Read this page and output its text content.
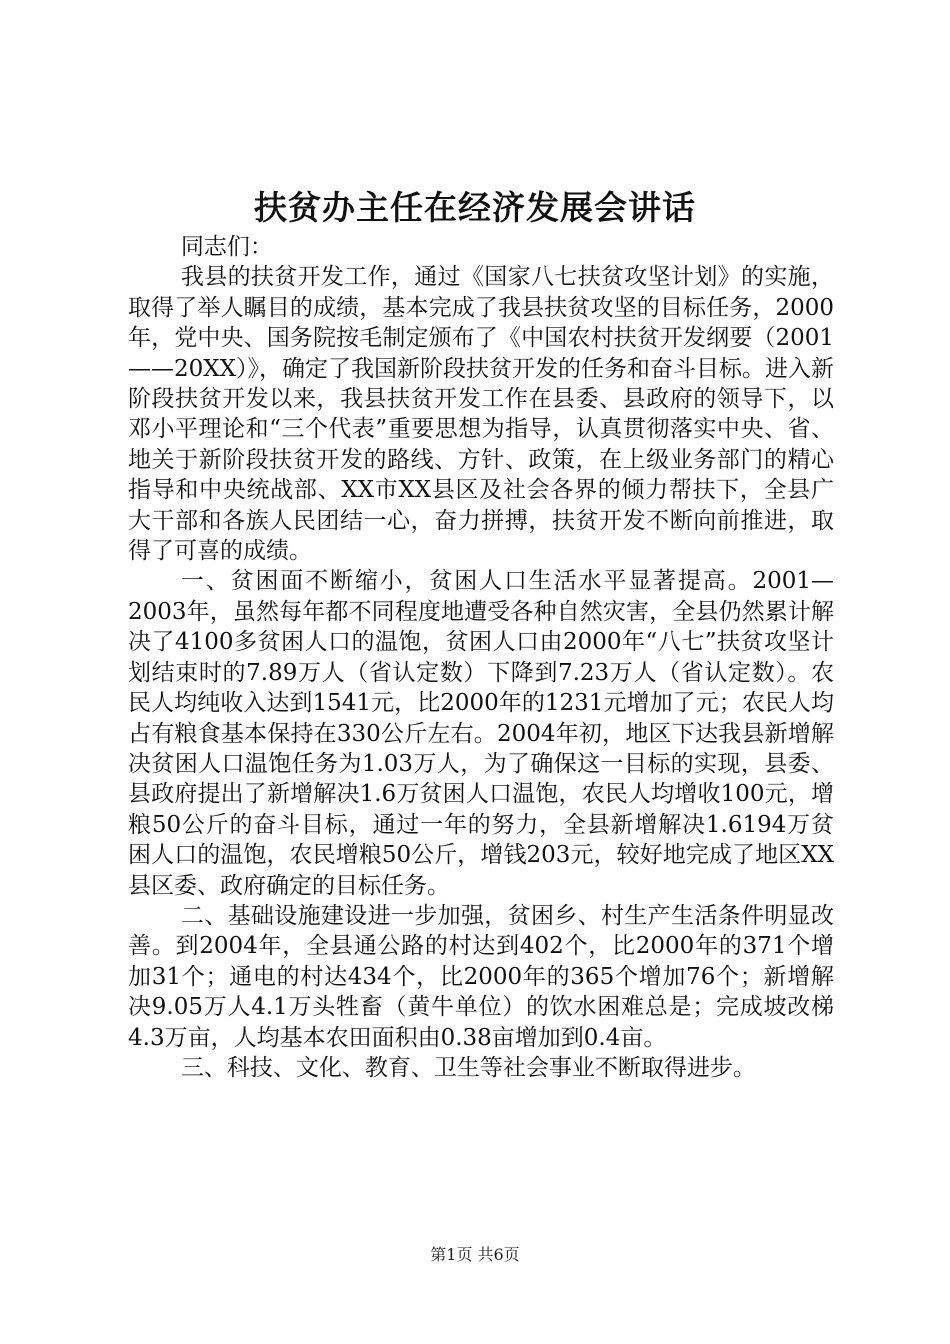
扶贫办主任在经济发展会讲话

同志们：

我县的扶贫开发工作，通过《国家八七扶贫攻坚计划》的实施，取得了举人瞩目的成绩，基本完成了我县扶贫攻坚的目标任务，2000年，党中央、国务院按毛制定颁布了《中国农村扶贫开发纲要（2001——20XX）》，确定了我国新阶段扶贫开发的任务和奋斗目标。进入新阶段扶贫开发以来，我县扶贫开发工作在县委、县政府的领导下，以邓小平理论和“三个代表”重要思想为指导，认真贯彻落实中央、省、地关于新阶段扶贫开发的路线、方针、政策，在上级业务部门的精心指导和中央统战部、XX市XX县区及社会各界的倾力帮扶下，全县广大干部和各族人民团结一心，奋力拼搏，扶贫开发不断向前推进，取得了可喜的成绩。

一、贫困面不断缩小，贫困人口生活水平显著提高。2001—2003年，虽然每年都不同程度地遭受各种自然灾害，全县仍然累计解决了4100多贫困人口的温饱，贫困人口由2000年“八七”扶贫攻坚计划结束时的7.89万人（省认定数）下降到7.23万人（省认定数）。农民人均纯收入达到1541元，比2000年的1231元增加了元；农民人均占有粮食基本保持在330公斤左右。2004年初，地区下达我县新增解决贫困人口温饱任务为1.03万人，为了确保这一目标的实现，县委、县政府提出了新增解决1.6万贫困人口温饱，农民人均增收100元，增粮50公斤的奋斗目标，通过一年的努力，全县新增解决1.6194万贫困人口的温饱，农民增粮50公斤，增钱203元，较好地完成了地区XX县区委、政府确定的目标任务。

二、基础设施建设进一步加强，贫困乡、村生产生活条件明显改善。到2004年，全县通公路的村达到402个，比2000年的371个增加31个；通电的村达434个，比2000年的365个增加76个；新增解决9.05万人4.1万头牲畜（黄牛单位）的饮水困难总是；完成坡改梯4.3万亩，人均基本农田面积由0.38亩增加到0.4亩。

三、科技、文化、教育、卫生等社会事业不断取得进步。

第1页 共6页
